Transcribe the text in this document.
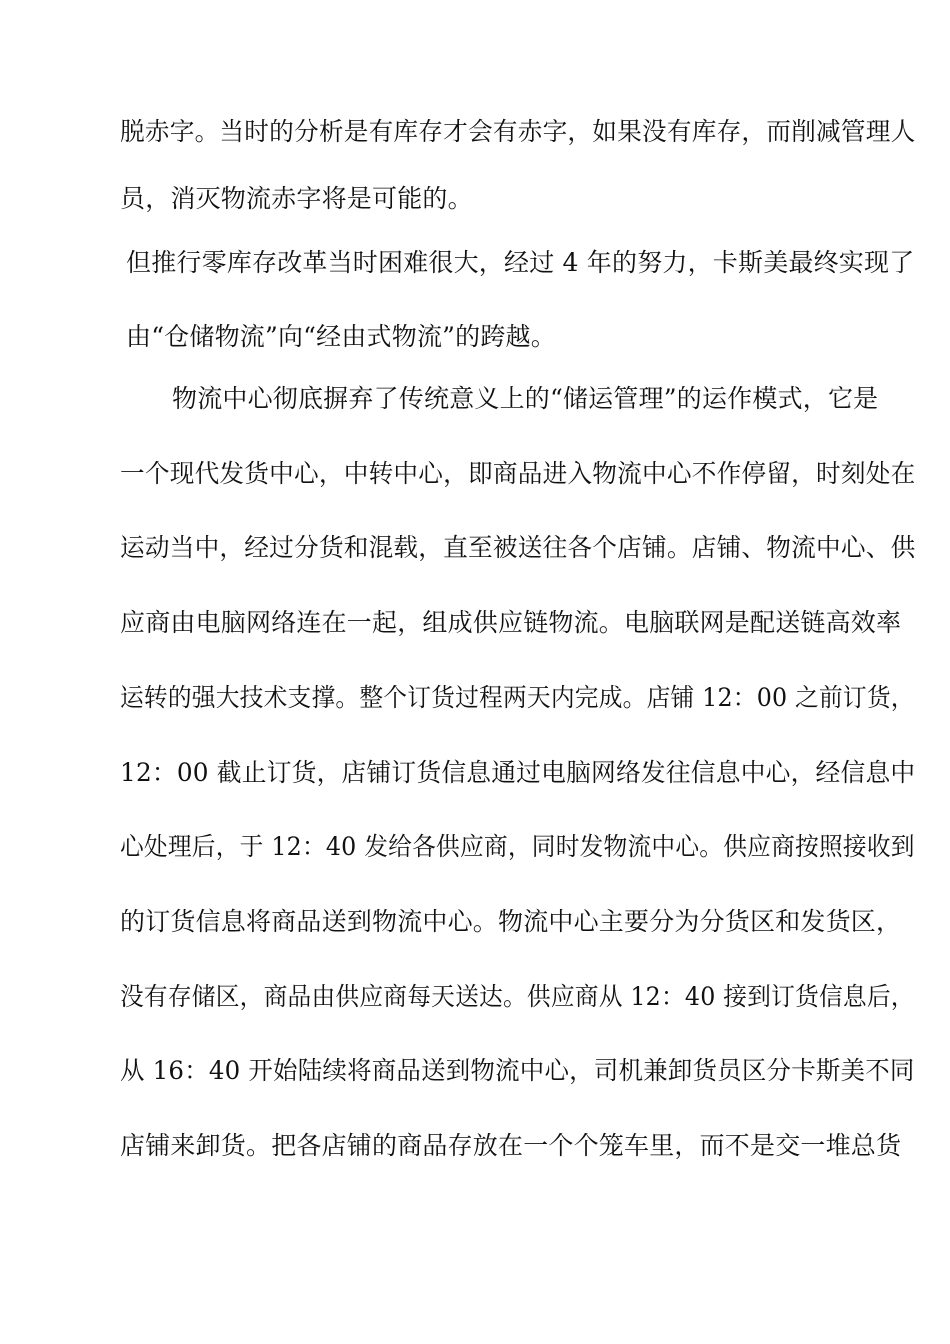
脱赤字。当时的分析是有库存才会有赤字，如果没有库存，而削减管理人
员，消灭物流赤字将是可能的。
但推行零库存改革当时困难很大，经过 4 年的努力，卡斯美最终实现了
由“仓储物流”向“经由式物流”的跨越。
物流中心彻底摒弃了传统意义上的“储运管理”的运作模式，它是
一个现代发货中心，中转中心，即商品进入物流中心不作停留，时刻处在
运动当中，经过分货和混载，直至被送往各个店铺。店铺、物流中心、供
应商由电脑网络连在一起，组成供应链物流。电脑联网是配送链高效率
运转的强大技术支撑。整个订货过程两天内完成。店铺 12：00 之前订货，
12：00 截止订货，店铺订货信息通过电脑网络发往信息中心，经信息中
心处理后，于 12：40 发给各供应商，同时发物流中心。供应商按照接收到
的订货信息将商品送到物流中心。物流中心主要分为分货区和发货区，
没有存储区，商品由供应商每天送达。供应商从 12：40 接到订货信息后，
从 16：40 开始陆续将商品送到物流中心，司机兼卸货员区分卡斯美不同
店铺来卸货。把各店铺的商品存放在一个个笼车里，而不是交一堆总货
